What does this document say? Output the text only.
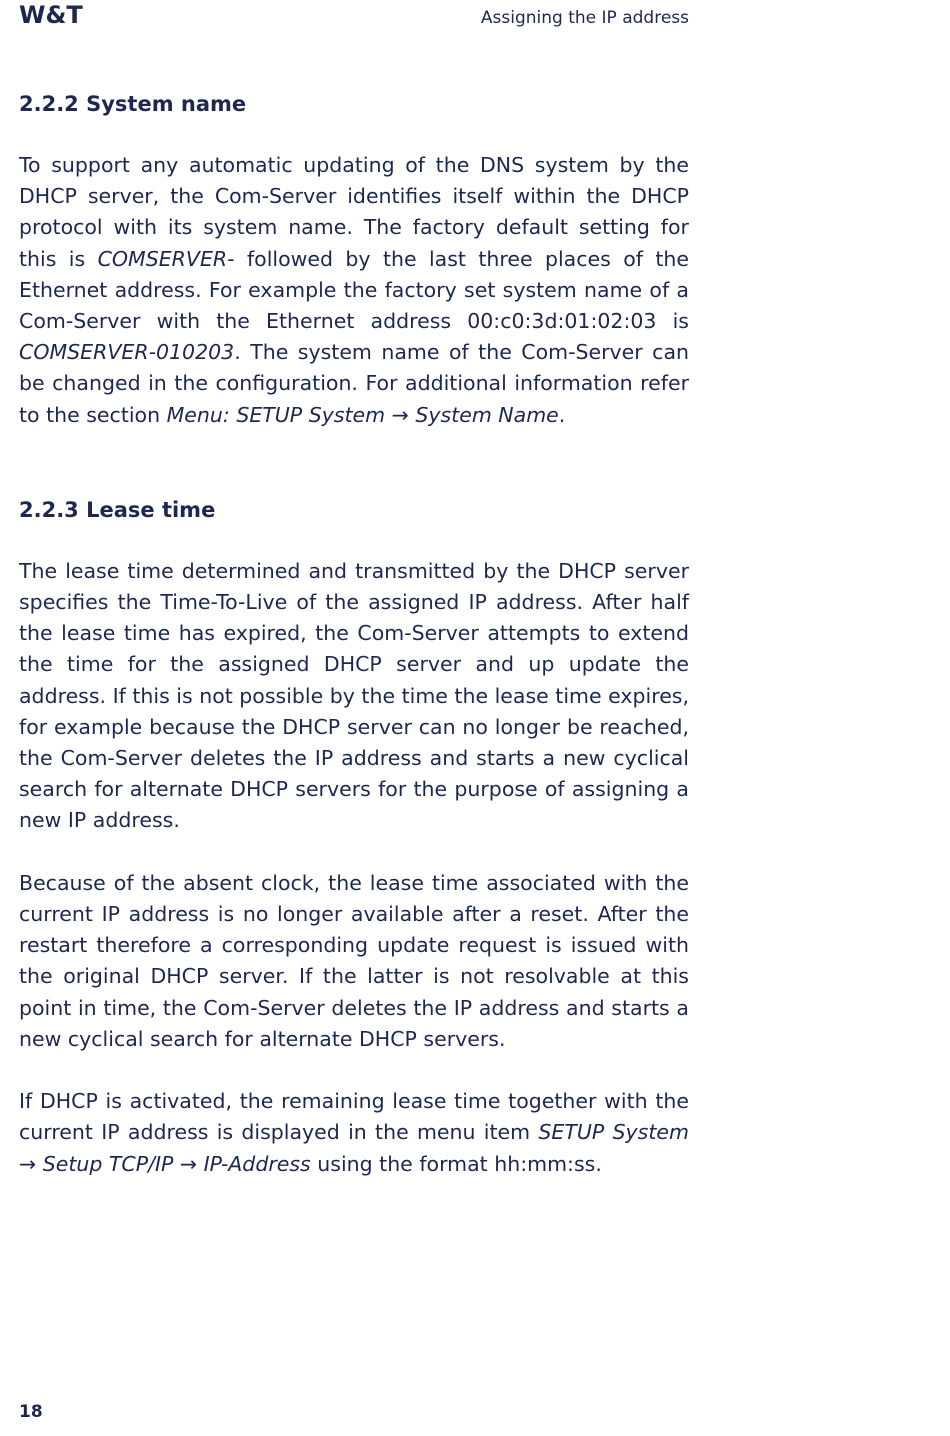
W&T	Assigning the IP address
2.2.2 System name

To support any automatic updating of the DNS system by the DHCP server, the Com-Server identifies itself within the DHCP protocol with its system name. The factory default setting for this is COMSERVER- followed by the last three places of the Ethernet address. For example the factory set system name of a Com-Server with the Ethernet address 00:c0:3d:01:02:03 is COMSERVER-010203. The system name of the Com-Server can be changed in the configuration. For additional information refer to the section Menu: SETUP System → System Name.

2.2.3 Lease time

The lease time determined and transmitted by the DHCP server specifies the Time-To-Live of the assigned IP address. After half the lease time has expired, the Com-Server attempts to extend the time for the assigned DHCP server and up update the address. If this is not possible by the time the lease time expires, for example because the DHCP server can no longer be reached, the Com-Server deletes the IP address and starts a new cyclical search for alternate DHCP servers for the purpose of assigning a new IP address.

Because of the absent clock, the lease time associated with the current IP address is no longer available after a reset. After the restart therefore a corresponding update request is issued with the original DHCP server. If the latter is not resolvable at this point in time, the Com-Server deletes the IP address and starts a new cyclical search for alternate DHCP servers.

If DHCP is activated, the remaining lease time together with the current IP address is displayed in the menu item SETUP System → Setup TCP/IP → IP-Address using the format hh:mm:ss.

18
